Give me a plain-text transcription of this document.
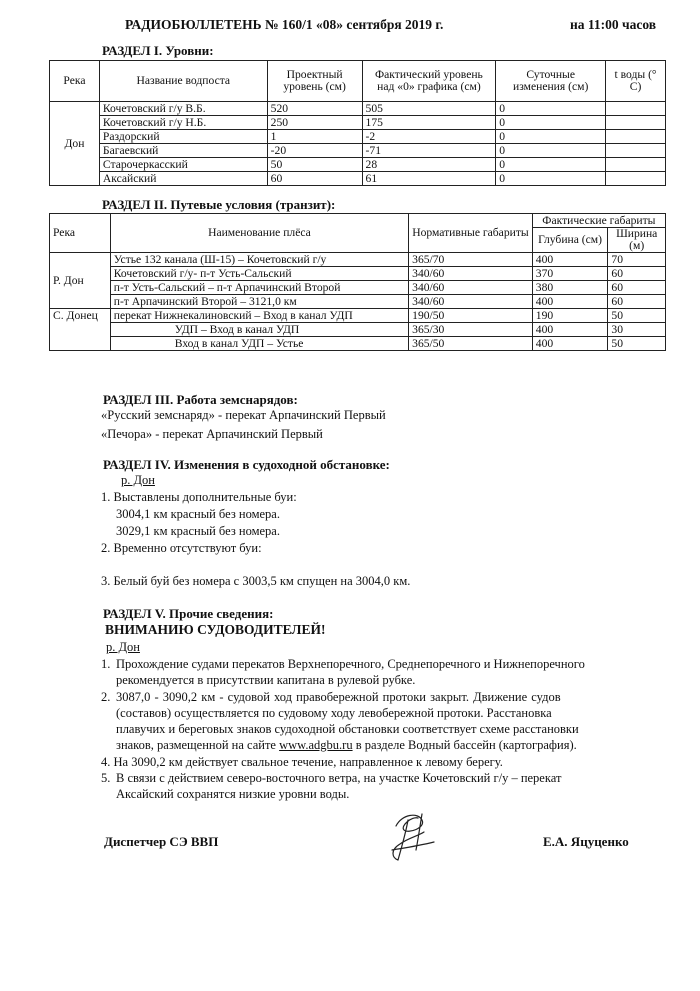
РАДИОБЮЛЛЕТЕНЬ № 160/1 «08» сентября 2019 г.	на 11:00 часов
РАЗДЕЛ I. Уровни:
Река	Название водпоста	Проектный уровень (см)	Фактический уровень над «0» графика (см)	Суточные изменения (см)	t воды (° С)
Дон	Кочетовский г/у В.Б.	520	505	0	
	Кочетовский г/у Н.Б.	250	175	0	
	Раздорский	1	-2	0	
	Багаевский	-20	-71	0	
	Старочеркасский	50	28	0	
	Аксайский	60	61	0	
РАЗДЕЛ II. Путевые условия (транзит):
Река	Наименование плёса	Нормативные габариты	Фактические габариты	
			Глубина (см)	Ширина (м)
Р. Дон	Устье 132 канала (Ш-15) – Кочетовский г/у	365/70	400	70
	Кочетовский г/у- п-т Усть-Сальский	340/60	370	60
	п-т Усть-Сальский – п-т Арпачинский Второй	340/60	380	60
	п-т Арпачинский Второй – 3121,0 км	340/60	400	60
С. Донец	перекат Нижнекалиновский – Вход в канал УДП	190/50	190	50
	УДП – Вход в канал УДП	365/30	400	30
	Вход в канал УДП – Устье	365/50	400	50
РАЗДЕЛ III. Работа земснарядов:
«Русский земснаряд» - перекат Арпачинский Первый
«Печора» - перекат Арпачинский Первый
РАЗДЕЛ IV. Изменения в судоходной обстановке:
р. Дон
1. Выставлены дополнительные буи:
3004,1 км красный без номера.
3029,1 км красный без номера.
2. Временно отсутствуют буи:
3. Белый буй без номера с 3003,5 км спущен на 3004,0 км.
РАЗДЕЛ V. Прочие сведения:
ВНИМАНИЮ СУДОВОДИТЕЛЕЙ!
р. Дон
1. Прохождение судами перекатов Верхнепоречного, Среднепоречного и Нижнепоречного
рекомендуется в присутствии капитана в рулевой рубке.
2. 3087,0 - 3090,2 км - судовой ход правобережной протоки закрыт. Движение судов
(составов) осуществляется по судовому ходу левобережной протоки. Расстановка
плавучих и береговых знаков судоходной обстановки соответствует схеме расстановки
знаков, размещенной на сайте www.adgbu.ru в разделе Водный бассейн (картография).
4. На 3090,2 км действует свальное течение, направленное к левому берегу.
5. В связи с действием северо-восточного ветра, на участке Кочетовский г/у – перекат
Аксайский сохранятся низкие уровни воды.
Диспетчер СЭ ВВП	Е.А. Яцуценко
